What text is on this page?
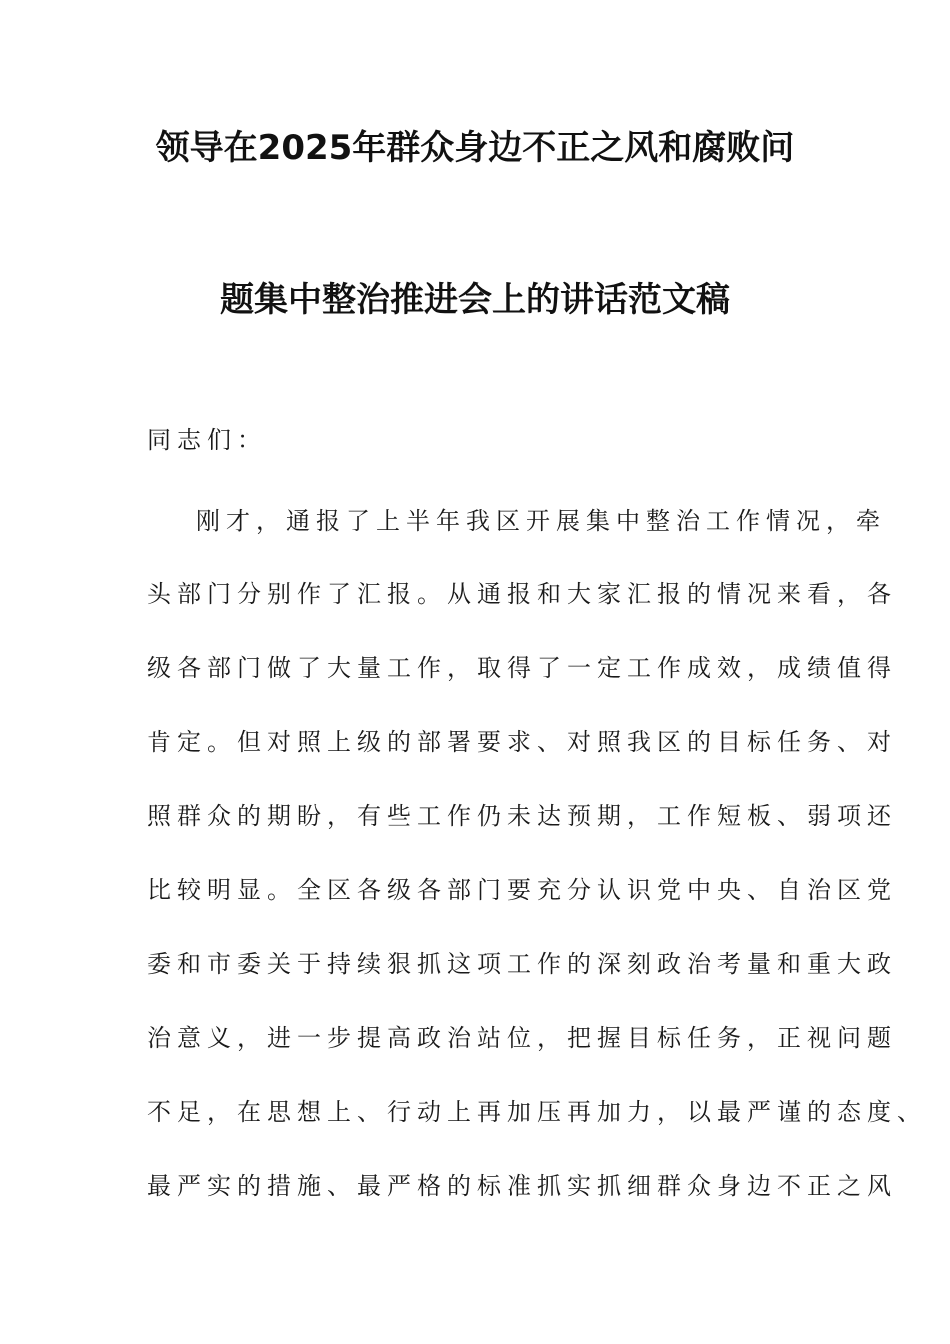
领导在2025年群众身边不正之风和腐败问
题集中整治推进会上的讲话范文稿
同志们：
刚才，通报了上半年我区开展集中整治工作情况，牵
头部门分别作了汇报。从通报和大家汇报的情况来看，各
级各部门做了大量工作，取得了一定工作成效，成绩值得
肯定。但对照上级的部署要求、对照我区的目标任务、对
照群众的期盼，有些工作仍未达预期，工作短板、弱项还
比较明显。全区各级各部门要充分认识党中央、自治区党
委和市委关于持续狠抓这项工作的深刻政治考量和重大政
治意义，进一步提高政治站位，把握目标任务，正视问题
不足，在思想上、行动上再加压再加力，以最严谨的态度、
最严实的措施、最严格的标准抓实抓细群众身边不正之风
